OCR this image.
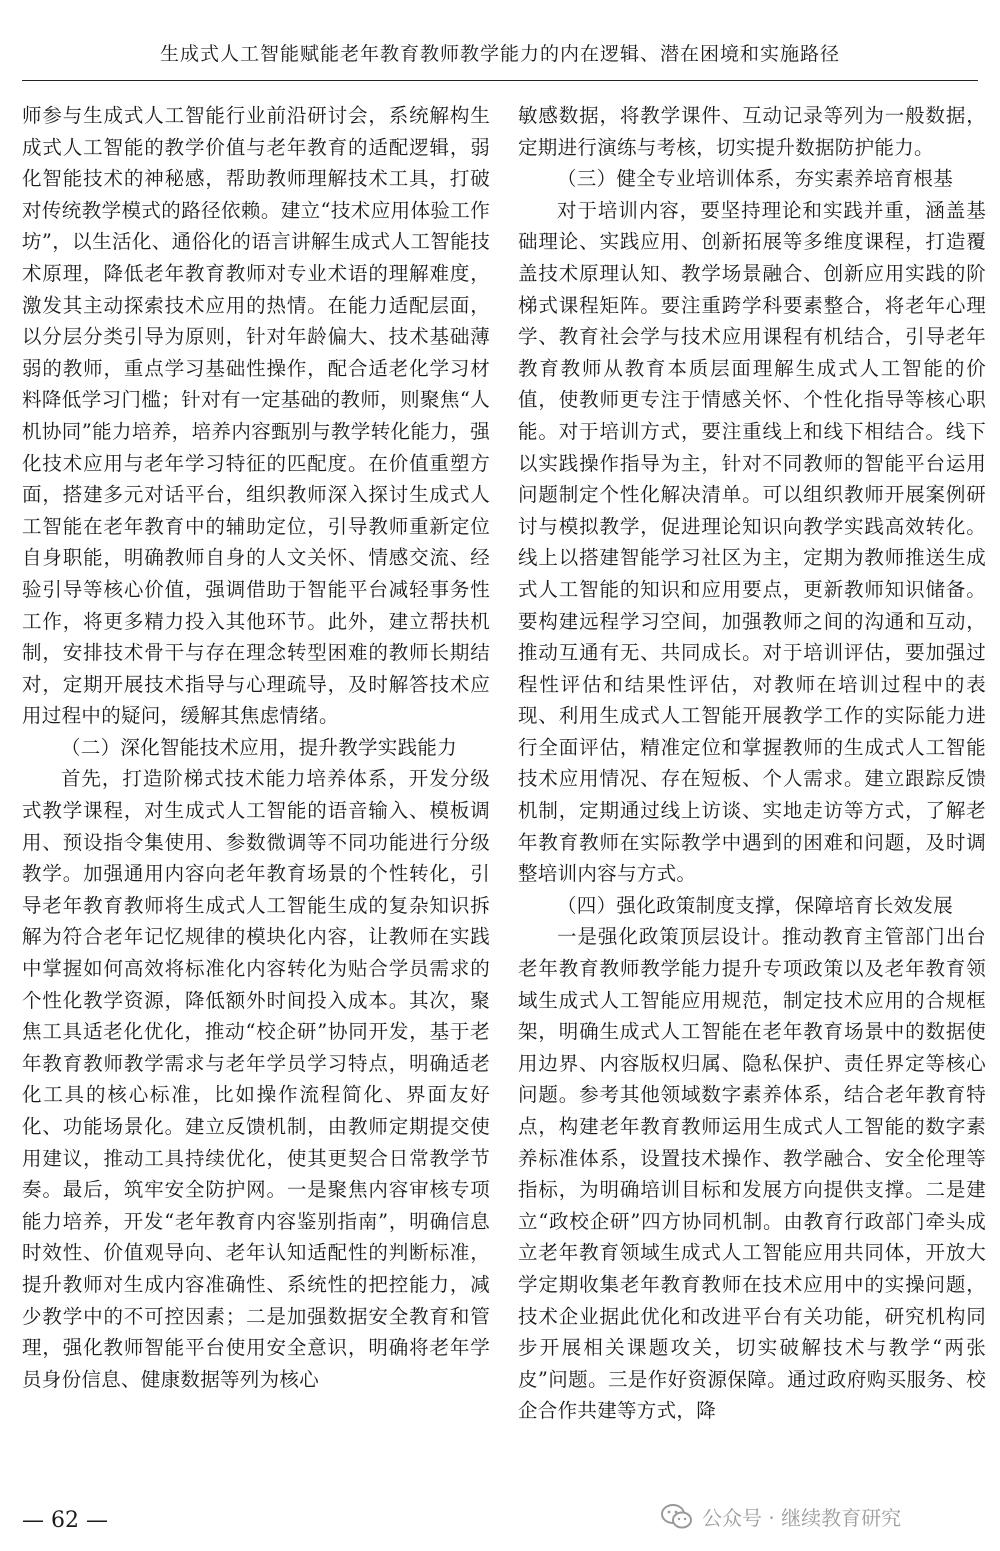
生成式人工智能赋能老年教育教师教学能力的内在逻辑、潜在困境和实施路径

师参与生成式人工智能行业前沿研讨会，系统解构生成式人工智能的教学价值与老年教育的适配逻辑，弱化智能技术的神秘感，帮助教师理解技术工具，打破对传统教学模式的路径依赖。建立“技术应用体验工作坊”，以生活化、通俗化的语言讲解生成式人工智能技术原理，降低老年教育教师对专业术语的理解难度，激发其主动探索技术应用的热情。在能力适配层面，以分层分类引导为原则，针对年龄偏大、技术基础薄弱的教师，重点学习基础性操作，配合适老化学习材料降低学习门槛；针对有一定基础的教师，则聚焦“人机协同”能力培养，培养内容甄别与教学转化能力，强化技术应用与老年学习特征的匹配度。在价值重塑方面，搭建多元对话平台，组织教师深入探讨生成式人工智能在老年教育中的辅助定位，引导教师重新定位自身职能，明确教师自身的人文关怀、情感交流、经验引导等核心价值，强调借助于智能平台减轻事务性工作，将更多精力投入其他环节。此外，建立帮扶机制，安排技术骨干与存在理念转型困难的教师长期结对，定期开展技术指导与心理疏导，及时解答技术应用过程中的疑问，缓解其焦虑情绪。

（二）深化智能技术应用，提升教学实践能力

首先，打造阶梯式技术能力培养体系，开发分级式教学课程，对生成式人工智能的语音输入、模板调用、预设指令集使用、参数微调等不同功能进行分级教学。加强通用内容向老年教育场景的个性转化，引导老年教育教师将生成式人工智能生成的复杂知识拆解为符合老年记忆规律的模块化内容，让教师在实践中掌握如何高效将标准化内容转化为贴合学员需求的个性化教学资源，降低额外时间投入成本。其次，聚焦工具适老化优化，推动“校企研”协同开发，基于老年教育教师教学需求与老年学员学习特点，明确适老化工具的核心标准，比如操作流程简化、界面友好化、功能场景化。建立反馈机制，由教师定期提交使用建议，推动工具持续优化，使其更契合日常教学节奏。最后，筑牢安全防护网。一是聚焦内容审核专项能力培养，开发“老年教育内容鉴别指南”，明确信息时效性、价值观导向、老年认知适配性的判断标准，提升教师对生成内容准确性、系统性的把控能力，减少教学中的不可控因素；二是加强数据安全教育和管理，强化教师智能平台使用安全意识，明确将老年学员身份信息、健康数据等列为核心

敏感数据，将教学课件、互动记录等列为一般数据，定期进行演练与考核，切实提升数据防护能力。

（三）健全专业培训体系，夯实素养培育根基

对于培训内容，要坚持理论和实践并重，涵盖基础理论、实践应用、创新拓展等多维度课程，打造覆盖技术原理认知、教学场景融合、创新应用实践的阶梯式课程矩阵。要注重跨学科要素整合，将老年心理学、教育社会学与技术应用课程有机结合，引导老年教育教师从教育本质层面理解生成式人工智能的价值，使教师更专注于情感关怀、个性化指导等核心职能。对于培训方式，要注重线上和线下相结合。线下以实践操作指导为主，针对不同教师的智能平台运用问题制定个性化解决清单。可以组织教师开展案例研讨与模拟教学，促进理论知识向教学实践高效转化。线上以搭建智能学习社区为主，定期为教师推送生成式人工智能的知识和应用要点，更新教师知识储备。要构建远程学习空间，加强教师之间的沟通和互动，推动互通有无、共同成长。对于培训评估，要加强过程性评估和结果性评估，对教师在培训过程中的表现、利用生成式人工智能开展教学工作的实际能力进行全面评估，精准定位和掌握教师的生成式人工智能技术应用情况、存在短板、个人需求。建立跟踪反馈机制，定期通过线上访谈、实地走访等方式，了解老年教育教师在实际教学中遇到的困难和问题，及时调整培训内容与方式。

（四）强化政策制度支撑，保障培育长效发展

一是强化政策顶层设计。推动教育主管部门出台老年教育教师教学能力提升专项政策以及老年教育领域生成式人工智能应用规范，制定技术应用的合规框架，明确生成式人工智能在老年教育场景中的数据使用边界、内容版权归属、隐私保护、责任界定等核心问题。参考其他领域数字素养体系，结合老年教育特点，构建老年教育教师运用生成式人工智能的数字素养标准体系，设置技术操作、教学融合、安全伦理等指标，为明确培训目标和发展方向提供支撑。二是建立“政校企研”四方协同机制。由教育行政部门牵头成立老年教育领域生成式人工智能应用共同体，开放大学定期收集老年教育教师在技术应用中的实操问题，技术企业据此优化和改进平台有关功能，研究机构同步开展相关课题攻关，切实破解技术与教学“两张皮”问题。三是作好资源保障。通过政府购买服务、校企合作共建等方式，降

— 62 —	公众号 · 继续教育研究
